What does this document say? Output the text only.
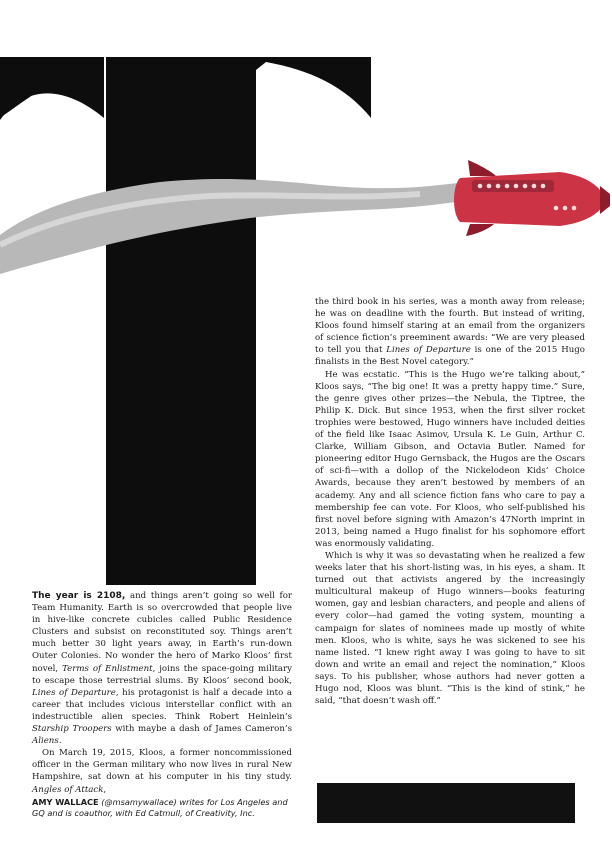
the third book in his series, was a month away from release; he was on deadline with the fourth. But instead of writing, Kloos found himself staring at an email from the organizers of science fiction’s preeminent awards: “We are very pleased to tell you that Lines of Departure is one of the 2015 Hugo finalists in the Best Novel category.”

He was ecstatic. “This is the Hugo we’re talking about,” Kloos says, “The big one! It was a pretty happy time.” Sure, the genre gives other prizes—the Nebula, the Tiptree, the Philip K. Dick. But since 1953, when the first silver rocket trophies were bestowed, Hugo winners have included deities of the field like Isaac Asimov, Ursula K. Le Guin, Arthur C. Clarke, William Gibson, and Octavia Butler. Named for pioneering editor Hugo Gernsback, the Hugos are the Oscars of sci-fi—with a dollop of the Nickelodeon Kids’ Choice Awards, because they aren’t bestowed by members of an academy. Any and all science fiction fans who care to pay a membership fee can vote. For Kloos, who self-published his first novel before signing with Amazon’s 47North imprint in 2013, being named a Hugo finalist for his sophomore effort was enormously validating.

Which is why it was so devastating when he realized a few weeks later that his short-listing was, in his eyes, a sham. It turned out that activists angered by the increasingly multicultural makeup of Hugo winners—books featuring women, gay and lesbian characters, and people and aliens of every color—had gamed the voting system, mounting a campaign for slates of nominees made up mostly of white men. Kloos, who is white, says he was sickened to see his name listed. “I knew right away I was going to have to sit down and write an email and reject the nomination,” Kloos says. To his publisher, whose authors had never gotten a Hugo nod, Kloos was blunt. “This is the kind of stink,” he said, “that doesn’t wash off.”

The year is 2108, and things aren’t going so well for Team Humanity. Earth is so overcrowded that people live in hive-like concrete cubicles called Public Residence Clusters and subsist on reconstituted soy. Things aren’t much better 30 light years away, in Earth’s run-down Outer Colonies. No wonder the hero of Marko Kloos’ first novel, Terms of Enlistment, joins the space-going military to escape those terrestrial slums. By Kloos’ second book, Lines of Departure, his protagonist is half a decade into a career that includes vicious interstellar conflict with an indestructible alien species. Think Robert Heinlein’s Starship Troopers with maybe a dash of James Cameron’s Aliens.

On March 19, 2015, Kloos, a former noncommissioned officer in the German military who now lives in rural New Hampshire, sat down at his computer in his tiny study. Angles of Attack,

AMY WALLACE (@msamywallace) writes for Los Angeles and GQ and is coauthor, with Ed Catmull, of Creativity, Inc.
